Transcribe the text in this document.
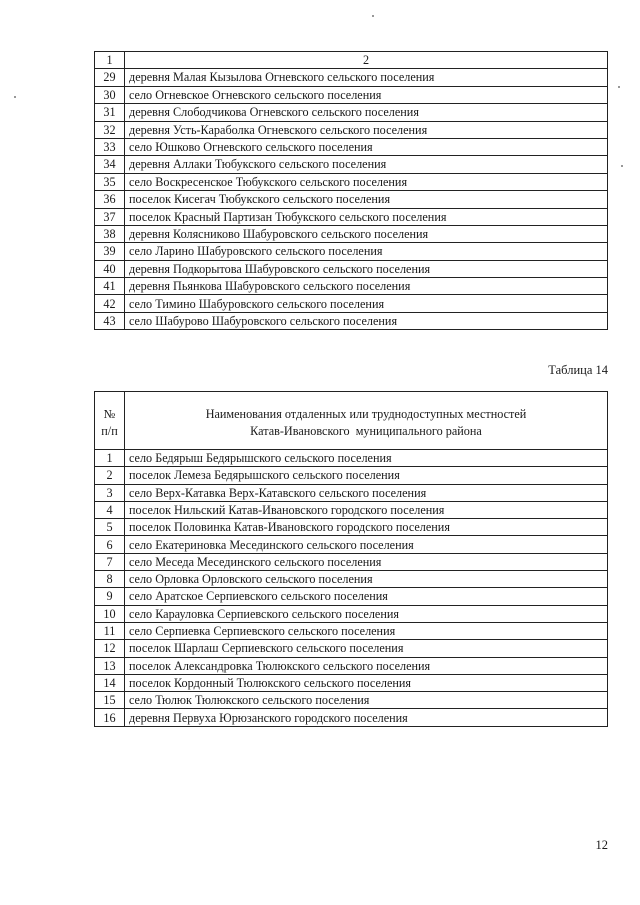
1	2
29	деревня Малая Кызылова Огневского сельского поселения
30	село Огневское Огневского сельского поселения
31	деревня Слободчикова Огневского сельского поселения
32	деревня Усть-Караболка Огневского сельского поселения
33	село Юшково Огневского сельского поселения
34	деревня Аллаки Тюбукского сельского поселения
35	село Воскресенское Тюбукского сельского поселения
36	поселок Кисегач Тюбукского сельского поселения
37	поселок Красный Партизан Тюбукского сельского поселения
38	деревня Колясниково Шабуровского сельского поселения
39	село Ларино Шабуровского сельского поселения
40	деревня Подкорытова Шабуровского сельского поселения
41	деревня Пьянкова Шабуровского сельского поселения
42	село Тимино Шабуровского сельского поселения
43	село Шабурово Шабуровского сельского поселения
Таблица 14
№
п/п	Наименования отдаленных или труднодоступных местностей
Катав-Ивановского  муниципального района
1	село Бедярыш Бедярышского сельского поселения
2	поселок Лемеза Бедярышского сельского поселения
3	село Верх-Катавка Верх-Катавского сельского поселения
4	поселок Нильский Катав-Ивановского городского поселения
5	поселок Половинка Катав-Ивановского городского поселения
6	село Екатериновка Месединского сельского поселения
7	село Меседа Месединского сельского поселения
8	село Орловка Орловского сельского поселения
9	село Аратское Серпиевского сельского поселения
10	село Карауловка Серпиевского сельского поселения
11	село Серпиевка Серпиевского сельского поселения
12	поселок Шарлаш Серпиевского сельского поселения
13	поселок Александровка Тюлюкского сельского поселения
14	поселок Кордонный Тюлюкского сельского поселения
15	село Тюлюк Тюлюкского сельского поселения
16	деревня Первуха Юрюзанского городского поселения
12
